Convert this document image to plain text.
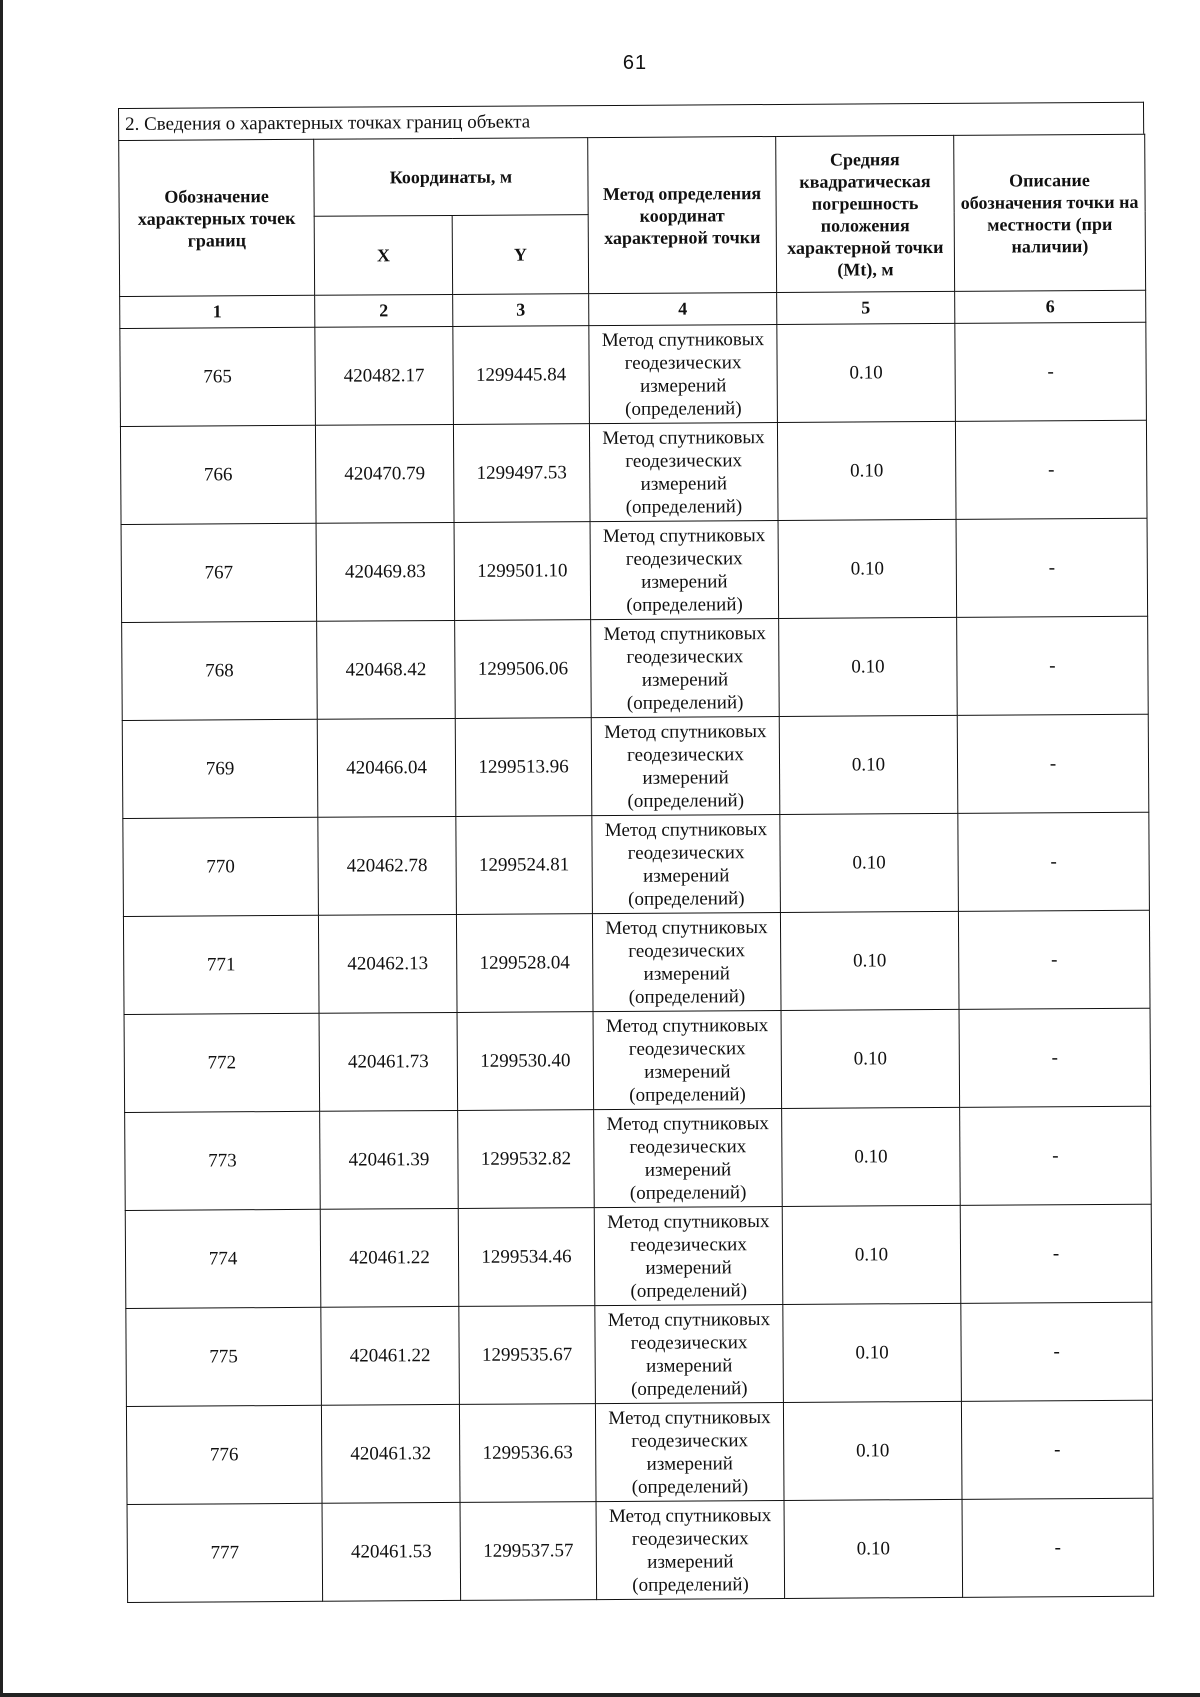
61
2. Сведения о характерных точках границ объекта
Обозначение характерных точек границ	Координаты, м		Метод определения координат характерной точки	Средняя квадратическая погрешность положения характерной точки (Mt), м	Описание обозначения точки на местности (при наличии)
	X	Y			
1	2	3	4	5	6
765	420482.17	1299445.84	Метод спутниковых
геодезических
измерений
(определений)	0.10	-
766	420470.79	1299497.53	Метод спутниковых
геодезических
измерений
(определений)	0.10	-
767	420469.83	1299501.10	Метод спутниковых
геодезических
измерений
(определений)	0.10	-
768	420468.42	1299506.06	Метод спутниковых
геодезических
измерений
(определений)	0.10	-
769	420466.04	1299513.96	Метод спутниковых
геодезических
измерений
(определений)	0.10	-
770	420462.78	1299524.81	Метод спутниковых
геодезических
измерений
(определений)	0.10	-
771	420462.13	1299528.04	Метод спутниковых
геодезических
измерений
(определений)	0.10	-
772	420461.73	1299530.40	Метод спутниковых
геодезических
измерений
(определений)	0.10	-
773	420461.39	1299532.82	Метод спутниковых
геодезических
измерений
(определений)	0.10	-
774	420461.22	1299534.46	Метод спутниковых
геодезических
измерений
(определений)	0.10	-
775	420461.22	1299535.67	Метод спутниковых
геодезических
измерений
(определений)	0.10	-
776	420461.32	1299536.63	Метод спутниковых
геодезических
измерений
(определений)	0.10	-
777	420461.53	1299537.57	Метод спутниковых
геодезических
измерений
(определений)	0.10	-
